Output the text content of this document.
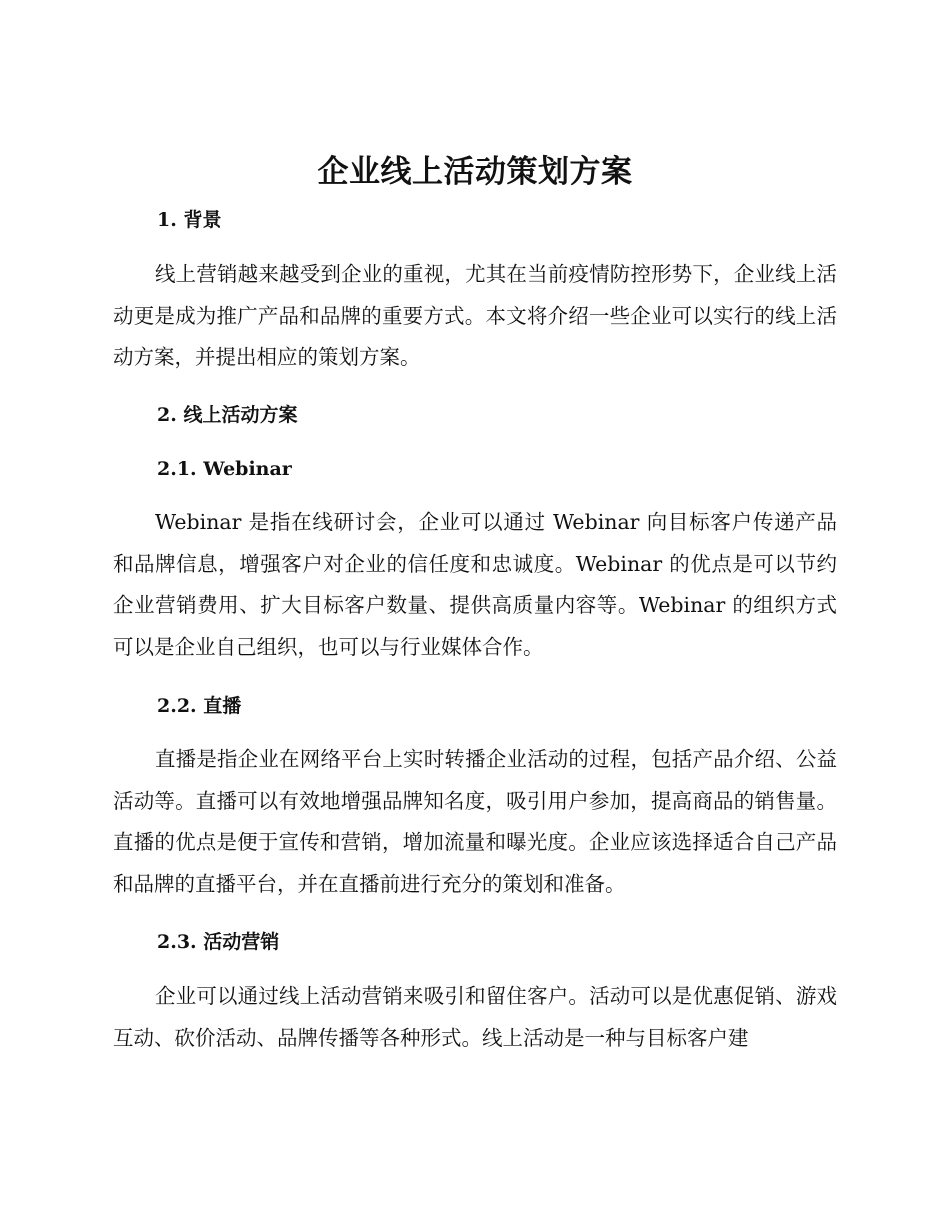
企业线上活动策划方案
1. 背景

线上营销越来越受到企业的重视，尤其在当前疫情防控形势下，企业线上活动更是成为推广产品和品牌的重要方式。本文将介绍一些企业可以实行的线上活动方案，并提出相应的策划方案。

2. 线上活动方案
2.1. Webinar

Webinar 是指在线研讨会，企业可以通过 Webinar 向目标客户传递产品和品牌信息，增强客户对企业的信任度和忠诚度。Webinar 的优点是可以节约企业营销费用、扩大目标客户数量、提供高质量内容等。Webinar 的组织方式可以是企业自己组织，也可以与行业媒体合作。

2.2. 直播

直播是指企业在网络平台上实时转播企业活动的过程，包括产品介绍、公益活动等。直播可以有效地增强品牌知名度，吸引用户参加，提高商品的销售量。直播的优点是便于宣传和营销，增加流量和曝光度。企业应该选择适合自己产品和品牌的直播平台，并在直播前进行充分的策划和准备。

2.3. 活动营销

企业可以通过线上活动营销来吸引和留住客户。活动可以是优惠促销、游戏互动、砍价活动、品牌传播等各种形式。线上活动是一种与目标客户建
